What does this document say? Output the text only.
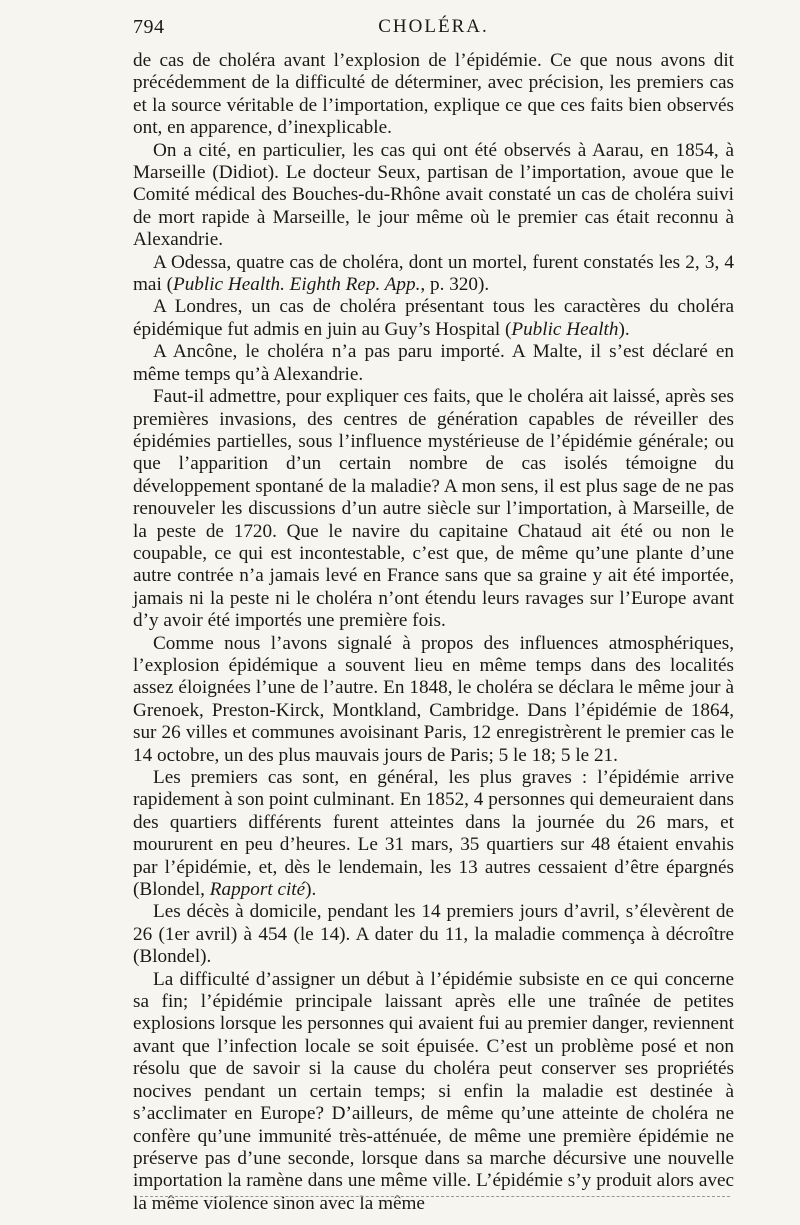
794	CHOLÉRA.

de cas de choléra avant l’explosion de l’épidémie. Ce que nous avons dit précédemment de la difficulté de déterminer, avec précision, les premiers cas et la source véritable de l’importation, explique ce que ces faits bien observés ont, en apparence, d’inexplicable.

On a cité, en particulier, les cas qui ont été observés à Aarau, en 1854, à Marseille (Didiot). Le docteur Seux, partisan de l’importation, avoue que le Comité médical des Bouches-du-Rhône avait constaté un cas de choléra suivi de mort rapide à Marseille, le jour même où le premier cas était reconnu à Alexandrie.

A Odessa, quatre cas de choléra, dont un mortel, furent constatés les 2, 3, 4 mai (Public Health. Eighth Rep. App., p. 320).

A Londres, un cas de choléra présentant tous les caractères du choléra épidémique fut admis en juin au Guy’s Hospital (Public Health).

A Ancône, le choléra n’a pas paru importé. A Malte, il s’est déclaré en même temps qu’à Alexandrie.

Faut-il admettre, pour expliquer ces faits, que le choléra ait laissé, après ses premières invasions, des centres de génération capables de réveiller des épidémies partielles, sous l’influence mystérieuse de l’épidémie générale; ou que l’apparition d’un certain nombre de cas isolés témoigne du développement spontané de la maladie? A mon sens, il est plus sage de ne pas renouveler les discussions d’un autre siècle sur l’importation, à Marseille, de la peste de 1720. Que le navire du capitaine Chataud ait été ou non le coupable, ce qui est incontestable, c’est que, de même qu’une plante d’une autre contrée n’a jamais levé en France sans que sa graine y ait été importée, jamais ni la peste ni le choléra n’ont étendu leurs ravages sur l’Europe avant d’y avoir été importés une première fois.

Comme nous l’avons signalé à propos des influences atmosphériques, l’explosion épidémique a souvent lieu en même temps dans des localités assez éloignées l’une de l’autre. En 1848, le choléra se déclara le même jour à Grenoek, Preston-Kirck, Montkland, Cambridge. Dans l’épidémie de 1864, sur 26 villes et communes avoisinant Paris, 12 enregistrèrent le premier cas le 14 octobre, un des plus mauvais jours de Paris; 5 le 18; 5 le 21.

Les premiers cas sont, en général, les plus graves : l’épidémie arrive rapidement à son point culminant. En 1852, 4 personnes qui demeuraient dans des quartiers différents furent atteintes dans la journée du 26 mars, et moururent en peu d’heures. Le 31 mars, 35 quartiers sur 48 étaient envahis par l’épidémie, et, dès le lendemain, les 13 autres cessaient d’être épargnés (Blondel, Rapport cité).

Les décès à domicile, pendant les 14 premiers jours d’avril, s’élevèrent de 26 (1er avril) à 454 (le 14). A dater du 11, la maladie commença à décroître (Blondel).

La difficulté d’assigner un début à l’épidémie subsiste en ce qui concerne sa fin; l’épidémie principale laissant après elle une traînée de petites explosions lorsque les personnes qui avaient fui au premier danger, reviennent avant que l’infection locale se soit épuisée. C’est un problème posé et non résolu que de savoir si la cause du choléra peut conserver ses propriétés nocives pendant un certain temps; si enfin la maladie est destinée à s’acclimater en Europe? D’ailleurs, de même qu’une atteinte de choléra ne confère qu’une immunité très-atténuée, de même une première épidémie ne préserve pas d’une seconde, lorsque dans sa marche décursive une nouvelle importation la ramène dans une même ville. L’épidémie s’y produit alors avec la même violence sinon avec la même
